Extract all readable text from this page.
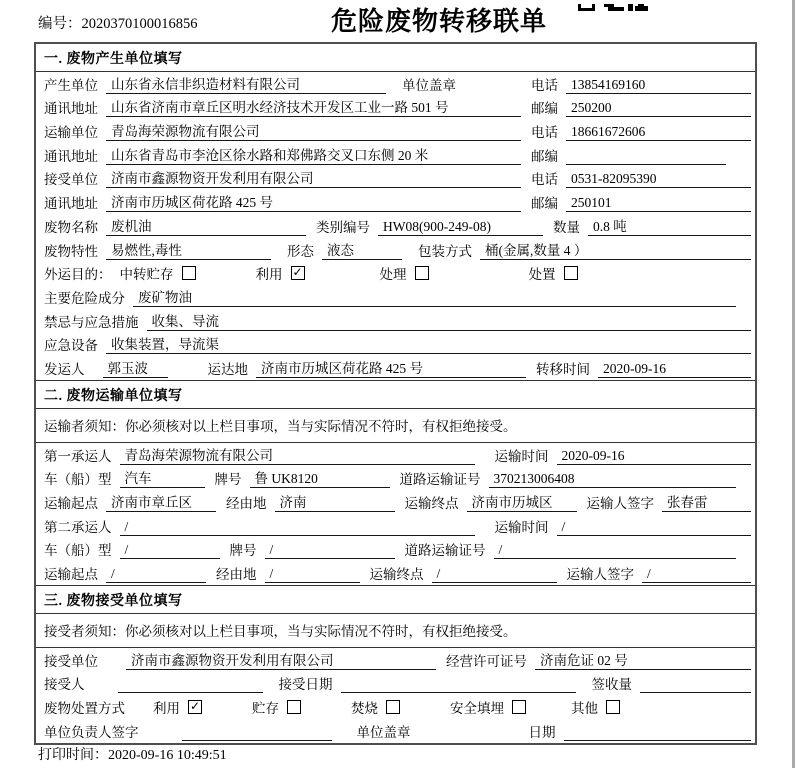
编号：2020370100016856	危险废物转移联单
一. 废物产生单位填写
产生单位 山东省永信非织造材料有限公司	单位盖章	电话 13854169160
通讯地址 山东省济南市章丘区明水经济技术开发区工业一路 501 号	邮编 250200
运输单位 青岛海荣源物流有限公司	电话 18661672606
通讯地址 山东省青岛市李沧区徐水路和郑佛路交叉口东侧 20 米	邮编
接受单位 济南市鑫源物资开发利用有限公司	电话 0531-82095390
通讯地址 济南市历城区荷花路 425 号	邮编 250101
废物名称 废机油	类别编号 HW08(900-249-08)	数量 0.8 吨
废物特性 易燃性,毒性	形态 液态	包装方式 桶(金属,数量 4 ）
外运目的： 中转贮存	利用 ✓	处理	处置
主要危险成分 废矿物油
禁忌与应急措施 收集、导流
应急设备 收集装置，导流渠
发运人	郭玉波	运达地 济南市历城区荷花路 425 号	转移时间 2020-09-16
二. 废物运输单位填写
运输者须知：你必须核对以上栏目事项，当与实际情况不符时，有权拒绝接受。
第一承运人 青岛海荣源物流有限公司	运输时间 2020-09-16
车（船）型 汽车	牌号 鲁 UK8120	道路运输证号 370213006408
运输起点 济南市章丘区	经由地 济南	运输终点 济南市历城区	运输人签字 张春雷
第二承运人 /	运输时间 /
车（船）型 /	牌号 /	道路运输证号 /
运输起点 /	经由地 /	运输终点 /	运输人签字 /
三. 废物接受单位填写
接受者须知：你必须核对以上栏目事项，当与实际情况不符时，有权拒绝接受。
接受单位	济南市鑫源物资开发利用有限公司	经营许可证号 济南危证 02 号
接受人	接受日期	签收量
废物处置方式 利用 ✓	贮存	焚烧	安全填埋	其他
单位负责人签字	单位盖章	日期
打印时间：2020-09-16 10:49:51
